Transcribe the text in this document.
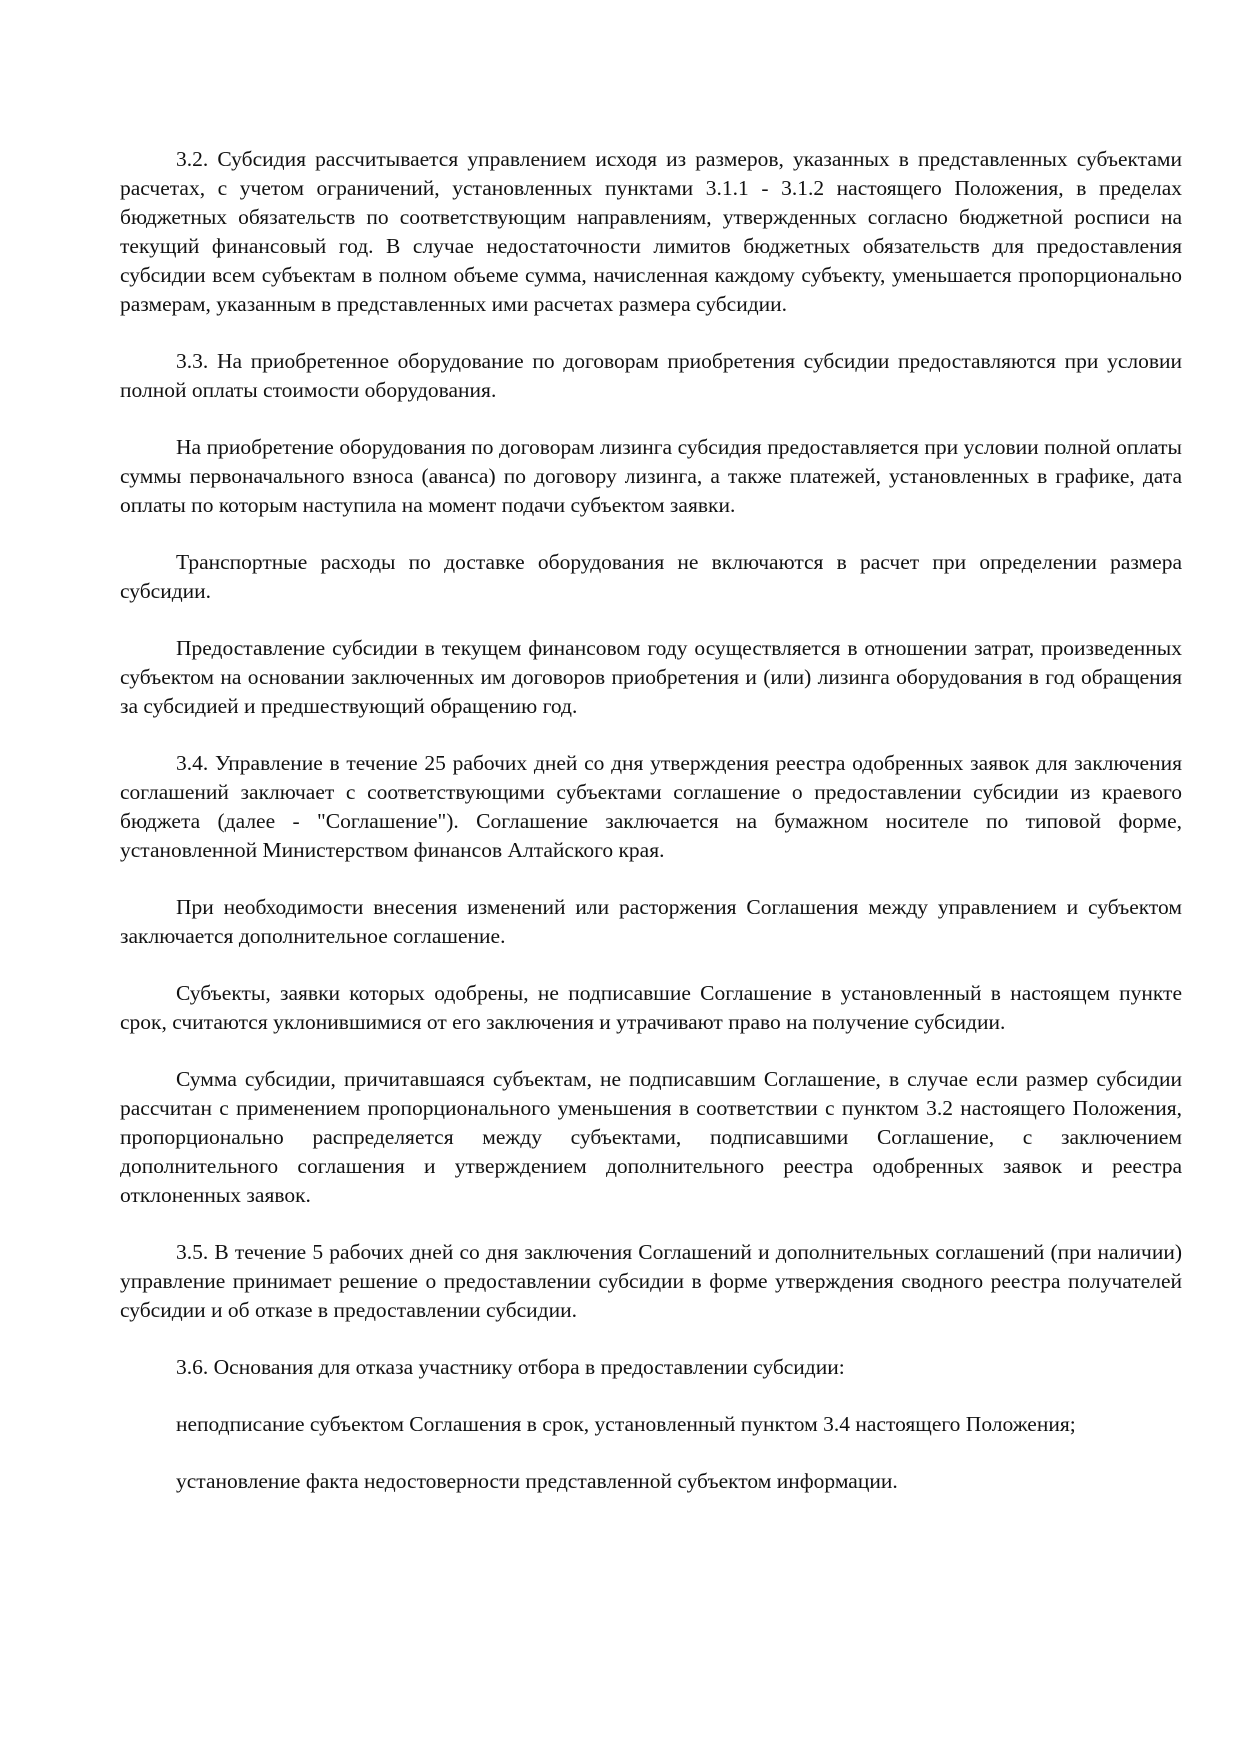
3.2. Субсидия рассчитывается управлением исходя из размеров, указанных в представленных субъектами расчетах, с учетом ограничений, установленных пунктами 3.1.1 - 3.1.2 настоящего Положения, в пределах бюджетных обязательств по соответствующим направлениям, утвержденных согласно бюджетной росписи на текущий финансовый год. В случае недостаточности лимитов бюджетных обязательств для предоставления субсидии всем субъектам в полном объеме сумма, начисленная каждому субъекту, уменьшается пропорционально размерам, указанным в представленных ими расчетах размера субсидии.

3.3. На приобретенное оборудование по договорам приобретения субсидии предоставляются при условии полной оплаты стоимости оборудования.

На приобретение оборудования по договорам лизинга субсидия предоставляется при условии полной оплаты суммы первоначального взноса (аванса) по договору лизинга, а также платежей, установленных в графике, дата оплаты по которым наступила на момент подачи субъектом заявки.

Транспортные расходы по доставке оборудования не включаются в расчет при определении размера субсидии.

Предоставление субсидии в текущем финансовом году осуществляется в отношении затрат, произведенных субъектом на основании заключенных им договоров приобретения и (или) лизинга оборудования в год обращения за субсидией и предшествующий обращению год.

3.4. Управление в течение 25 рабочих дней со дня утверждения реестра одобренных заявок для заключения соглашений заключает с соответствующими субъектами соглашение о предоставлении субсидии из краевого бюджета (далее - "Соглашение"). Соглашение заключается на бумажном носителе по типовой форме, установленной Министерством финансов Алтайского края.

При необходимости внесения изменений или расторжения Соглашения между управлением и субъектом заключается дополнительное соглашение.

Субъекты, заявки которых одобрены, не подписавшие Соглашение в установленный в настоящем пункте срок, считаются уклонившимися от его заключения и утрачивают право на получение субсидии.

Сумма субсидии, причитавшаяся субъектам, не подписавшим Соглашение, в случае если размер субсидии рассчитан с применением пропорционального уменьшения в соответствии с пунктом 3.2 настоящего Положения, пропорционально распределяется между субъектами, подписавшими Соглашение, с заключением дополнительного соглашения и утверждением дополнительного реестра одобренных заявок и реестра отклоненных заявок.

3.5. В течение 5 рабочих дней со дня заключения Соглашений и дополнительных соглашений (при наличии) управление принимает решение о предоставлении субсидии в форме утверждения сводного реестра получателей субсидии и об отказе в предоставлении субсидии.

3.6. Основания для отказа участнику отбора в предоставлении субсидии:

неподписание субъектом Соглашения в срок, установленный пунктом 3.4 настоящего Положения;

установление факта недостоверности представленной субъектом информации.
